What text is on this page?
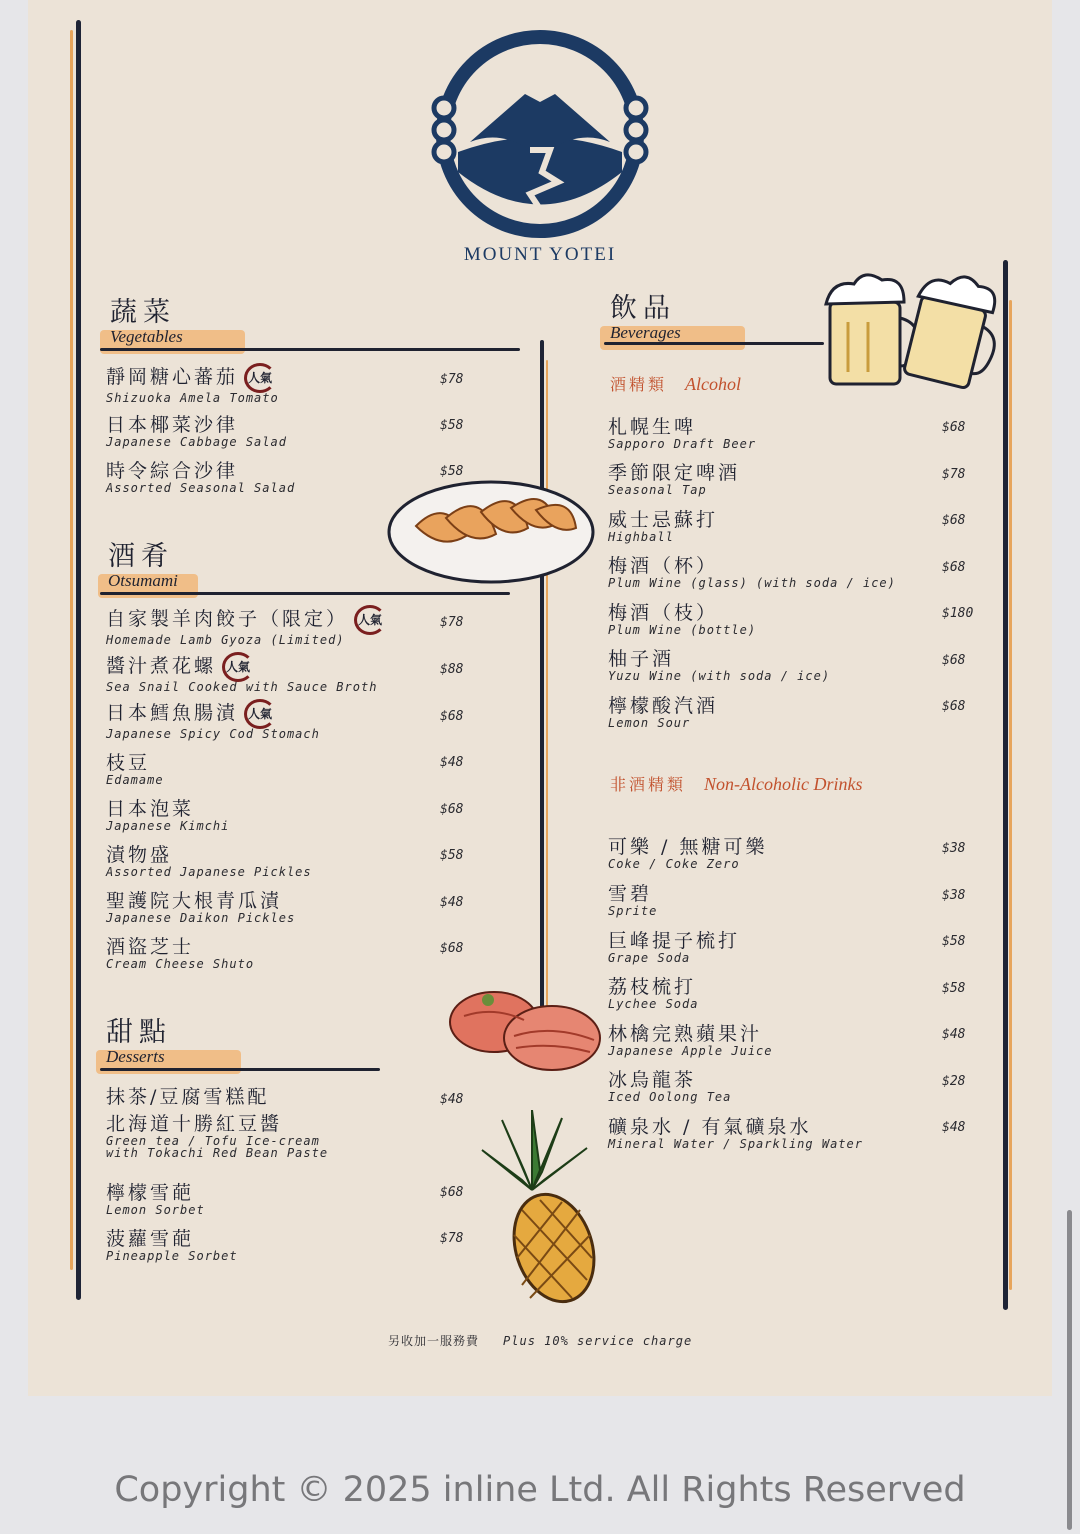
MOUNT YOTEI
蔬菜
Vegetables
靜岡糖心蕃茄 人氣
Shizuoka Amela Tomato
$78
日本椰菜沙律
Japanese Cabbage Salad
$58
時令綜合沙律
Assorted Seasonal Salad
$58
酒肴
Otsumami
自家製羊肉餃子（限定） 人氣
Homemade Lamb Gyoza (Limited)
$78
醬汁煮花螺 人氣
Sea Snail Cooked with Sauce Broth
$88
日本鱈魚腸漬 人氣
Japanese Spicy Cod Stomach
$68
枝豆
Edamame
$48
日本泡菜
Japanese Kimchi
$68
漬物盛
Assorted Japanese Pickles
$58
聖護院大根青瓜漬
Japanese Daikon Pickles
$48
酒盜芝士
Cream Cheese Shuto
$68
甜點
Desserts
抹茶/豆腐雪糕配
北海道十勝紅豆醬
Green tea / Tofu Ice-cream
with Tokachi Red Bean Paste
$48
檸檬雪葩
Lemon Sorbet
$68
菠蘿雪葩
Pineapple Sorbet
$78
飲品
Beverages
酒精類 Alcohol
札幌生啤
Sapporo Draft Beer
$68
季節限定啤酒
Seasonal Tap
$78
威士忌蘇打
Highball
$68
梅酒（杯）
Plum Wine (glass) (with soda / ice)
$68
梅酒（枝）
Plum Wine (bottle)
$180
柚子酒
Yuzu Wine (with soda / ice)
$68
檸檬酸汽酒
Lemon Sour
$68
非酒精類 Non-Alcoholic Drinks
可樂 / 無糖可樂
Coke / Coke Zero
$38
雪碧
Sprite
$38
巨峰提子梳打
Grape Soda
$58
荔枝梳打
Lychee Soda
$58
林檎完熟蘋果汁
Japanese Apple Juice
$48
冰烏龍茶
Iced Oolong Tea
$28
礦泉水 / 有氣礦泉水
Mineral Water / Sparkling Water
$48
另收加一服務費 Plus 10% service charge
Copyright © 2025 inline Ltd. All Rights Reserved
